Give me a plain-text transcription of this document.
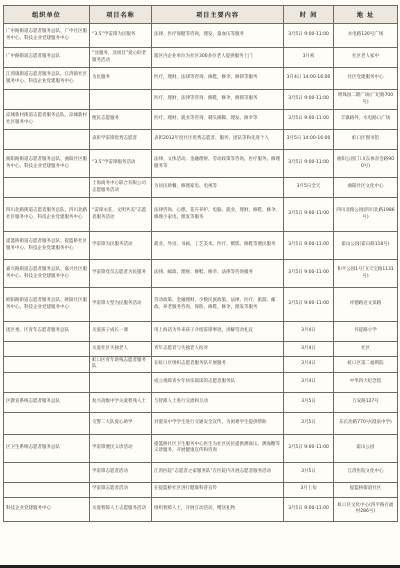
组织单位	项目名称	项目主要内容	时 间	地 址
广中路街道志愿者服务总队、广中社区服务中心、科技企业党建服务中心	“3.5”学雷锋为民服务	法律、医疗保健等咨询，理发，量血压等服务	3月5日 9:00-11:00	水电路120号广场
广中路街道志愿者服务总队	“送服务，送项目”爱心助老服务活动	辖区内企业单位为社区300多位老人提供服务上门	3月初	社区老人家中
江湾镇街道志愿者服务总队、江湾镇社区服务中心、科技企业党建服务中心	为民服务	医疗，理财，法律等咨询，修鞋，修伞，修锁等服务	3月4日 14:00-16:00	社区党建服务中心
		医疗，理财，法律等咨询，修鞋，修伞，修锁等服务	3月5日 9:00-11:00	明珠园二期广场(广纪路700号)
凉城新村街道志愿者服务总队、凉城新村社区服务中心	便民志愿服务	医疗、理财、就业等咨询，剃头修脚、理发、修伞等	3月5日 9:00-11:00	丰镇路外，水电路口广场
	表彰学雷锋优秀志愿者	表彰2012年度社区优秀志愿者、服务、团队等和先进个人	3月5日 14:00-16:00	虹口区图书馆
曲阳路街道志愿者服务总队、曲阳社区服务中心、科技企业党建服务中心	“3.5”学雷锋服务活动	法律、文体活动、金融理财、劳动政策等咨询，医疗服务、修理服务等	3月5日 9:00-11:00	曲阳公园门口(东体育会路900号)
	上海商务中心联合有限公司志愿服务活动	为居民助餐、修理家电、电视等	3月5日全天	曲阳社区文化中心
四川北路街道志愿者服务总队、四川北路社区服务中心、科技企业党建服务中心	“雷锋永驻，文明共美”志愿者服务活动	法律咨询、心理、花卉养护、电脑、就业，理财、修鞋、修伞、修理小家电、理发等服务	3月5日 9:00-11:00	四川北路公园(四川北路1986号)
提篮桥街道志愿者服务总队、提篮桥社区服务中心、科技企业党建服务中心	学雷锋为民服务活动	就业、外语、书画、工艺美术、医疗、摄影、修鞋等便民服务	3月5日 9:00-11:00	霍山公园(霍山路118号)
嘉兴路街道志愿者服务总队、嘉兴社区服务中心、科技企业党建服务中心	学雷锋党员志愿者为民服务	法律、邮政、理财、修鞋、修伞、法律等咨询服务	3月5日 9:00-11:00	和平公园1号门(天宝路1131号)
欧阳路街道志愿者服务总队、欧阳社区服务中心、科技企业党建服务中心	学雷锋大型为民服务活动	劳动政策、金融理财、少数民族政策、法律、医疗、旅游、邮政、养老服务咨询，保险、修鞋、修伞、理发等服务	3月5日 9:00-11:00	祥德路近文莱路
团区委、区青年志愿者服务总队	关爱孩子成长一课	用上海话为外来孩子介绍雷锋事迹，讲解劳动礼仪	3月4日	丹徒路小学
	关爱社区失独老人	青年志愿者与失独老人结对	3月4日	社区
	虹口区青年助残志愿者服务队	在虹口区组织志愿者服务队开展服务	3月4日	虹口区第二福利院
		成立视障青少年快乐阅读的志愿者服务队	3月4日	中华四大纪念馆
区教育系统志愿者服务总队	复兴高级中学关爱智残人士	与智障人士进行交流和互动	3月5日	万安路127号
	交警二大队爱心助学	对澄泉中学学生进行交通安全宣传，为困难学生提供帮助	3月5日	东长治路770号(澄泉中学)
区卫生系统志愿者服务总队	学雷锋便民义诊活动	提篮桥社区卫生服务中心医生为社区居民提供测血压、测血糖等义诊服务，开展健康宣传和咨询	3月5日 9:00-11:00	霍山公园
	学雷锋志愿者活动	江湾医院“志愿者之家服务队”在医院内开展志愿者服务活动	3月5日	江湾医院文化中心
	学雷锋志愿者活动	在提篮桥社区进行健康科普宣传	3月上旬	提篮桥街道社区
科技企业党建服务中心	关爱智障人士志愿服务活动	组织智障人士，开展互动活动，赠送礼物	3月5日 9:00-11:00	虹口区文化中心(四平路百福村286号)
